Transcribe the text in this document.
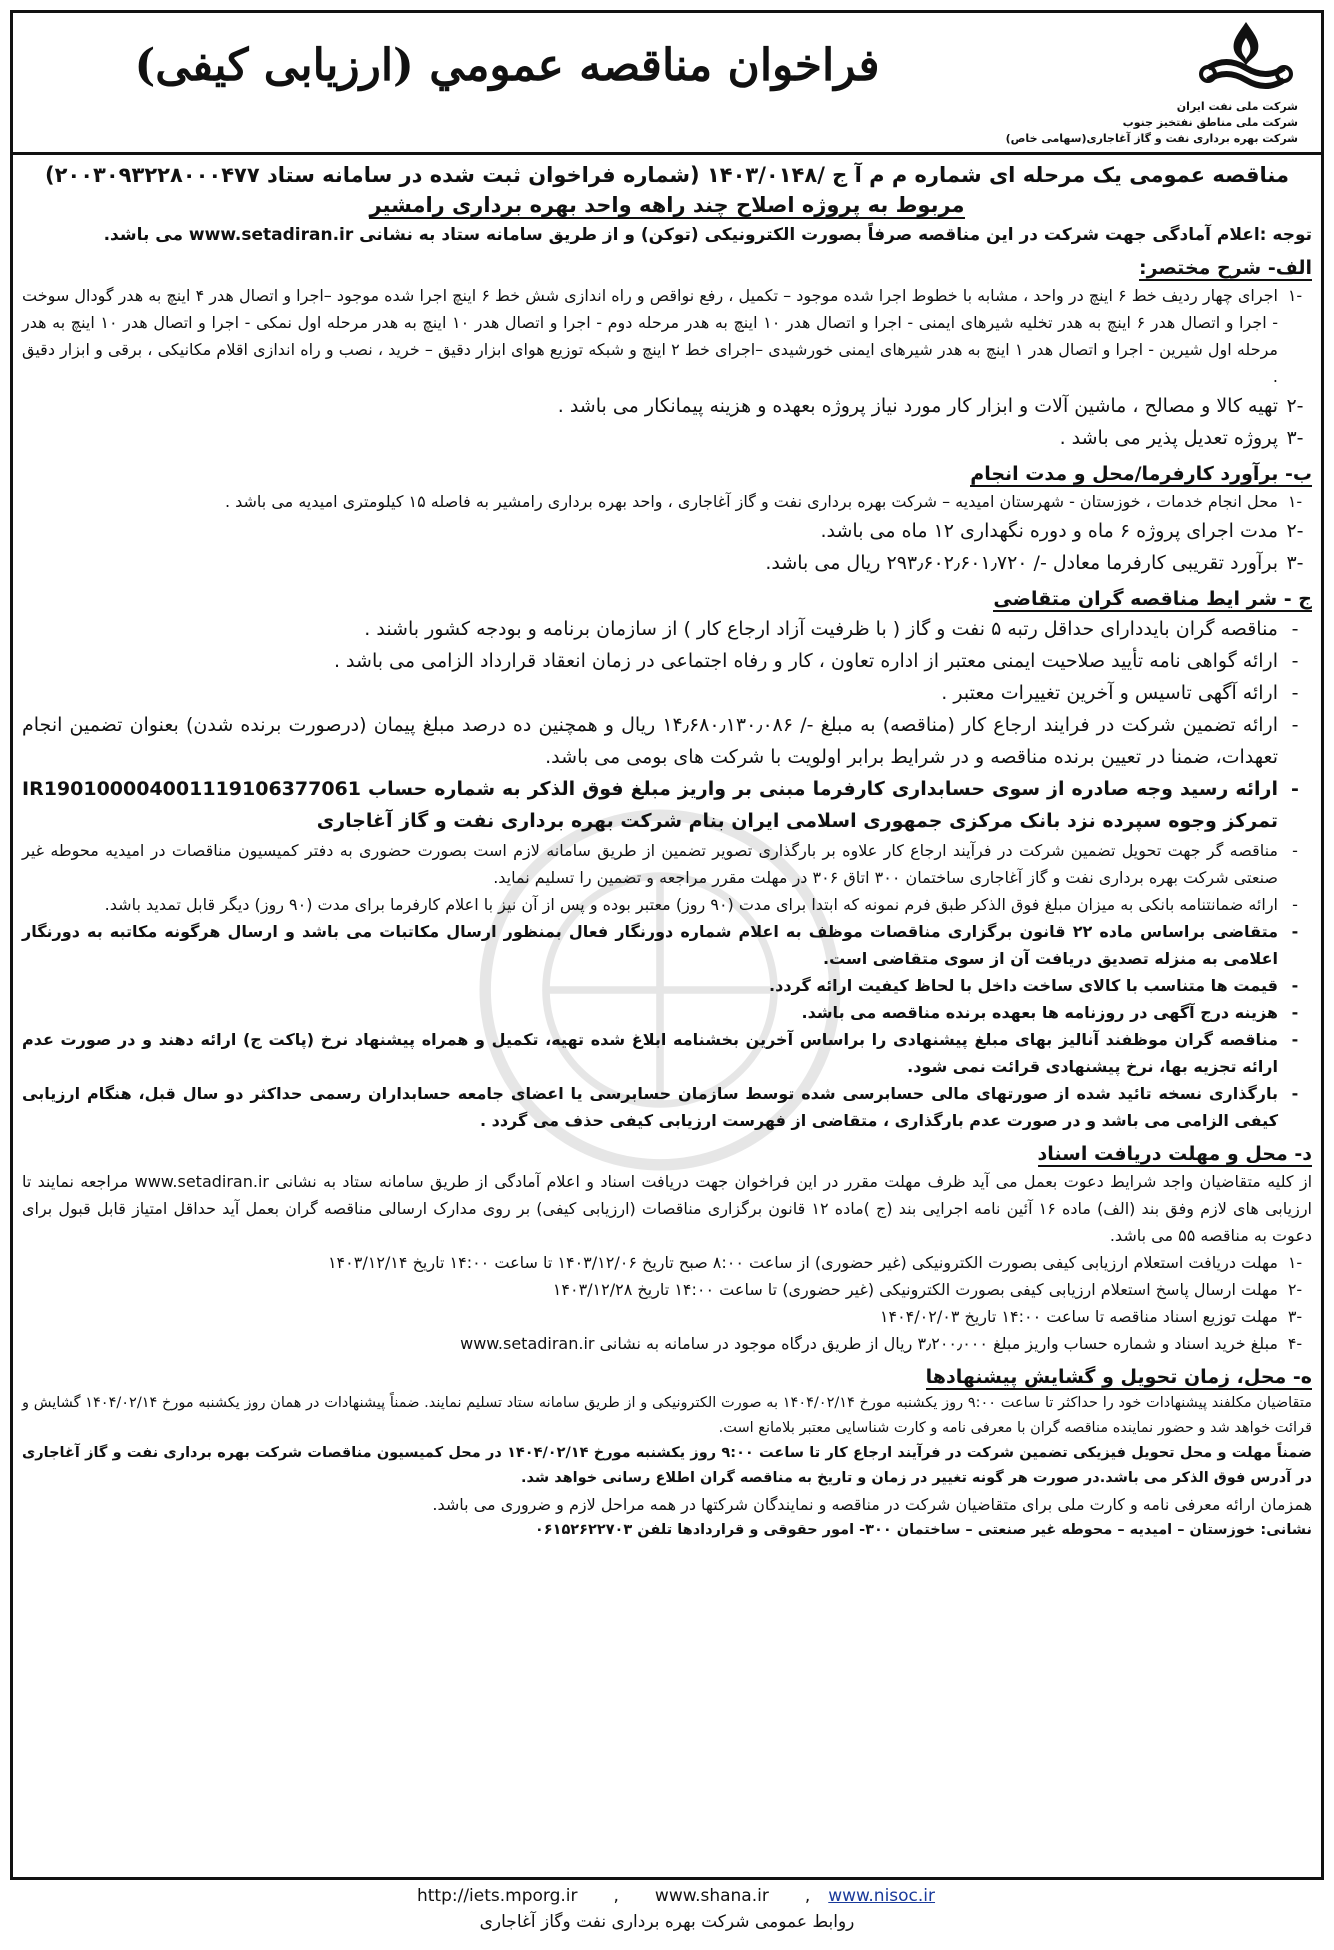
شرکت ملی نفت ایران
شرکت ملی مناطق نفتخیز جنوب
شرکت بهره برداری نفت و گاز آغاجاری(سهامی خاص)
فراخوان مناقصه عمومي (ارزيابی كيفی)
مناقصه عمومی یک مرحله ای شماره م م آ ج /۱۴۰۳/۰۱۴۸ (شماره فراخوان ثبت شده در سامانه ستاد ۲۰۰۳۰۹۳۲۲۸۰۰۰۴۷۷)
مربوط به پروژه اصلاح چند راهه واحد بهره برداری رامشیر
توجه :اعلام آمادگی جهت شرکت در این مناقصه صرفاً بصورت الکترونیکی (توکن) و از طریق سامانه ستاد به نشانی www.setadiran.ir می باشد.
الف- شرح مختصر:
-۱
اجرای چهار ردیف خط ۶ اینچ در واحد ، مشابه با خطوط اجرا شده موجود – تکمیل ، رفع نواقص و راه اندازی شش خط ۶ اینچ اجرا شده موجود –اجرا و اتصال هدر ۴ اینچ به هدر گودال سوخت - اجرا و اتصال هدر ۶ اینچ به هدر تخلیه شیرهای ایمنی - اجرا و اتصال هدر ۱۰ اینچ به هدر مرحله دوم - اجرا و اتصال هدر ۱۰ اینچ به هدر مرحله اول نمکی - اجرا و اتصال هدر ۱۰ اینچ به هدر مرحله اول شیرین - اجرا و اتصال هدر ۱ اینچ به هدر شیرهای ایمنی خورشیدی –اجرای خط ۲ اینچ و شبکه توزیع هوای ابزار دقیق – خرید ، نصب و راه اندازی اقلام مکانیکی ، برقی و ابزار دقیق .
-۲
تهیه کالا و مصالح ، ماشین آلات و ابزار کار مورد نیاز پروژه بعهده و هزینه پیمانکار می باشد .
-۳
پروژه تعدیل پذیر می باشد .
ب- برآورد کارفرما/محل و مدت انجام
-۱
محل انجام خدمات ، خوزستان - شهرستان امیدیه – شرکت بهره برداری نفت و گاز آغاجاری ، واحد بهره برداری رامشیر به فاصله ۱۵ کیلومتری امیدیه می باشد .
-۲
مدت اجرای پروژه ۶ ماه و دوره نگهداری ۱۲ ماه می باشد.
-۳
برآورد تقریبی کارفرما معادل -/ ۲۹۳٫۶۰۲٫۶۰۱٫۷۲۰ ریال می باشد.
ج - شر ایط مناقصه گران متقاضی
-
مناقصه گران بایددارای حداقل رتبه ۵ نفت و گاز ( با ظرفیت آزاد ارجاع کار ) از سازمان برنامه و بودجه کشور باشند .
-
ارائه گواهی نامه تأیید صلاحیت ایمنی معتبر از اداره تعاون ، کار و رفاه اجتماعی در زمان انعقاد قرارداد الزامی می باشد .
-
ارائه آگهی تاسیس و آخرین تغییرات معتبر .
-
ارائه تضمین شرکت در فرایند ارجاع کار (مناقصه) به مبلغ -/ ۱۴٫۶۸۰٫۱۳۰٫۰۸۶ ریال و همچنین ده درصد مبلغ پیمان (درصورت برنده شدن) بعنوان تضمین انجام تعهدات، ضمنا در تعیین برنده مناقصه و در شرایط برابر اولویت با شرکت های بومی می باشد.
-
ارائه رسید وجه صادره از سوی حسابداری کارفرما مبنی بر واریز مبلغ فوق الذکر به شماره حساب IR190100004001119106377061 تمرکز وجوه سپرده نزد بانک مرکزی جمهوری اسلامی ایران بنام شرکت بهره برداری نفت و گاز آغاجاری
-
مناقصه گر جهت تحویل تضمین شرکت در فرآیند ارجاع کار علاوه بر بارگذاری تصویر تضمین از طریق سامانه لازم است بصورت حضوری به دفتر کمیسیون مناقصات در امیدیه محوطه غیر صنعتی شرکت بهره برداری نفت و گاز آغاجاری ساختمان ۳۰۰ اتاق ۳۰۶ در مهلت مقرر مراجعه و تضمین را تسلیم نماید.
-
ارائه ضمانتنامه بانکی به میزان مبلغ فوق الذکر طبق فرم نمونه که ابتدا برای مدت (۹۰ روز) معتبر بوده و پس از آن نیز با اعلام کارفرما برای مدت (۹۰ روز) دیگر قابل تمدید باشد.
-
متقاضی براساس ماده ۲۲ قانون برگزاری مناقصات موظف به اعلام شماره دورنگار فعال بمنظور ارسال مکاتبات می باشد و ارسال هرگونه مکاتبه به دورنگار اعلامی به منزله تصدیق دریافت آن از سوی متقاضی است.
-
قیمت ها متناسب با کالای ساخت داخل با لحاظ کیفیت ارائه گردد.
-
هزینه درج آگهی در روزنامه ها بعهده برنده مناقصه می باشد.
-
مناقصه گران موظفند آنالیز بهای مبلغ پیشنهادی را براساس آخرین بخشنامه ابلاغ شده تهیه، تکمیل و همراه پیشنهاد نرخ (پاکت ج) ارائه دهند و در صورت عدم ارائه تجزیه بها، نرخ پیشنهادی قرائت نمی شود.
-
بارگذاری نسخه تائید شده از صورتهای مالی حسابرسی شده توسط سازمان حسابرسی یا اعضای جامعه حسابداران رسمی حداکثر دو سال قبل، هنگام ارزیابی کیفی الزامی می باشد و در صورت عدم بارگذاری ، متقاضی از فهرست ارزیابی کیفی حذف می گردد .
د- محل و مهلت دریافت اسناد
از کلیه متقاضیان واجد شرایط دعوت بعمل می آید ظرف مهلت مقرر در این فراخوان جهت دریافت اسناد و اعلام آمادگی از طریق سامانه ستاد به نشانی www.setadiran.ir مراجعه نمایند تا ارزیابی های لازم وفق بند (الف) ماده ۱۶ آئین نامه اجرایی بند (ج )ماده ۱۲ قانون برگزاری مناقصات (ارزیابی کیفی) بر روی مدارک ارسالی مناقصه گران بعمل آید حداقل امتیاز قابل قبول برای دعوت به مناقصه ۵۵ می باشد.
-۱
مهلت دریافت استعلام ارزیابی کیفی بصورت الکترونیکی (غیر حضوری) از ساعت ۸:۰۰ صبح تاریخ ۱۴۰۳/۱۲/۰۶ تا ساعت ۱۴:۰۰ تاریخ ۱۴۰۳/۱۲/۱۴
-۲
مهلت ارسال پاسخ استعلام ارزیابی کیفی بصورت الکترونیکی (غیر حضوری) تا ساعت ۱۴:۰۰ تاریخ ۱۴۰۳/۱۲/۲۸
-۳
مهلت توزیع اسناد مناقصه تا ساعت ۱۴:۰۰ تاریخ ۱۴۰۴/۰۲/۰۳
-۴
مبلغ خرید اسناد و شماره حساب واریز مبلغ ۳٫۲۰۰٫۰۰۰ ریال از طریق درگاه موجود در سامانه به نشانی www.setadiran.ir
ه- محل، زمان تحویل و گشایش پیشنهادها
متقاضیان مکلفند پیشنهادات خود را حداکثر تا ساعت ۹:۰۰ روز یکشنبه مورخ ۱۴۰۴/۰۲/۱۴ به صورت الکترونیکی و از طریق سامانه ستاد تسلیم نمایند. ضمناً پیشنهادات در همان روز یکشنبه مورخ ۱۴۰۴/۰۲/۱۴ گشایش و قرائت خواهد شد و حضور نماینده مناقصه گران با معرفی نامه و کارت شناسایی معتبر بلامانع است.
ضمناً مهلت و محل تحویل فیزیکی تضمین شرکت در فرآیند ارجاع کار تا ساعت ۹:۰۰ روز یکشنبه مورخ ۱۴۰۴/۰۲/۱۴ در محل کمیسیون مناقصات شرکت بهره برداری نفت و گاز آغاجاری در آدرس فوق الذکر می باشد.در صورت هر گونه تغییر در زمان و تاریخ به مناقصه گران اطلاع رسانی خواهد شد.
همزمان ارائه معرفی نامه و کارت ملی برای متقاضیان شرکت در مناقصه و نمایندگان شرکتها در همه مراحل لازم و ضروری می باشد.
نشانی: خوزستان – امیدیه – محوطه غیر صنعتی – ساختمان ۳۰۰- امور حقوقی و قراردادها تلفن ۰۶۱۵۲۶۲۲۷۰۳
http://iets.mporg.ir , www.shana.ir , www.nisoc.ir
روابط عمومی شرکت بهره برداری نفت وگاز آغاجاری
